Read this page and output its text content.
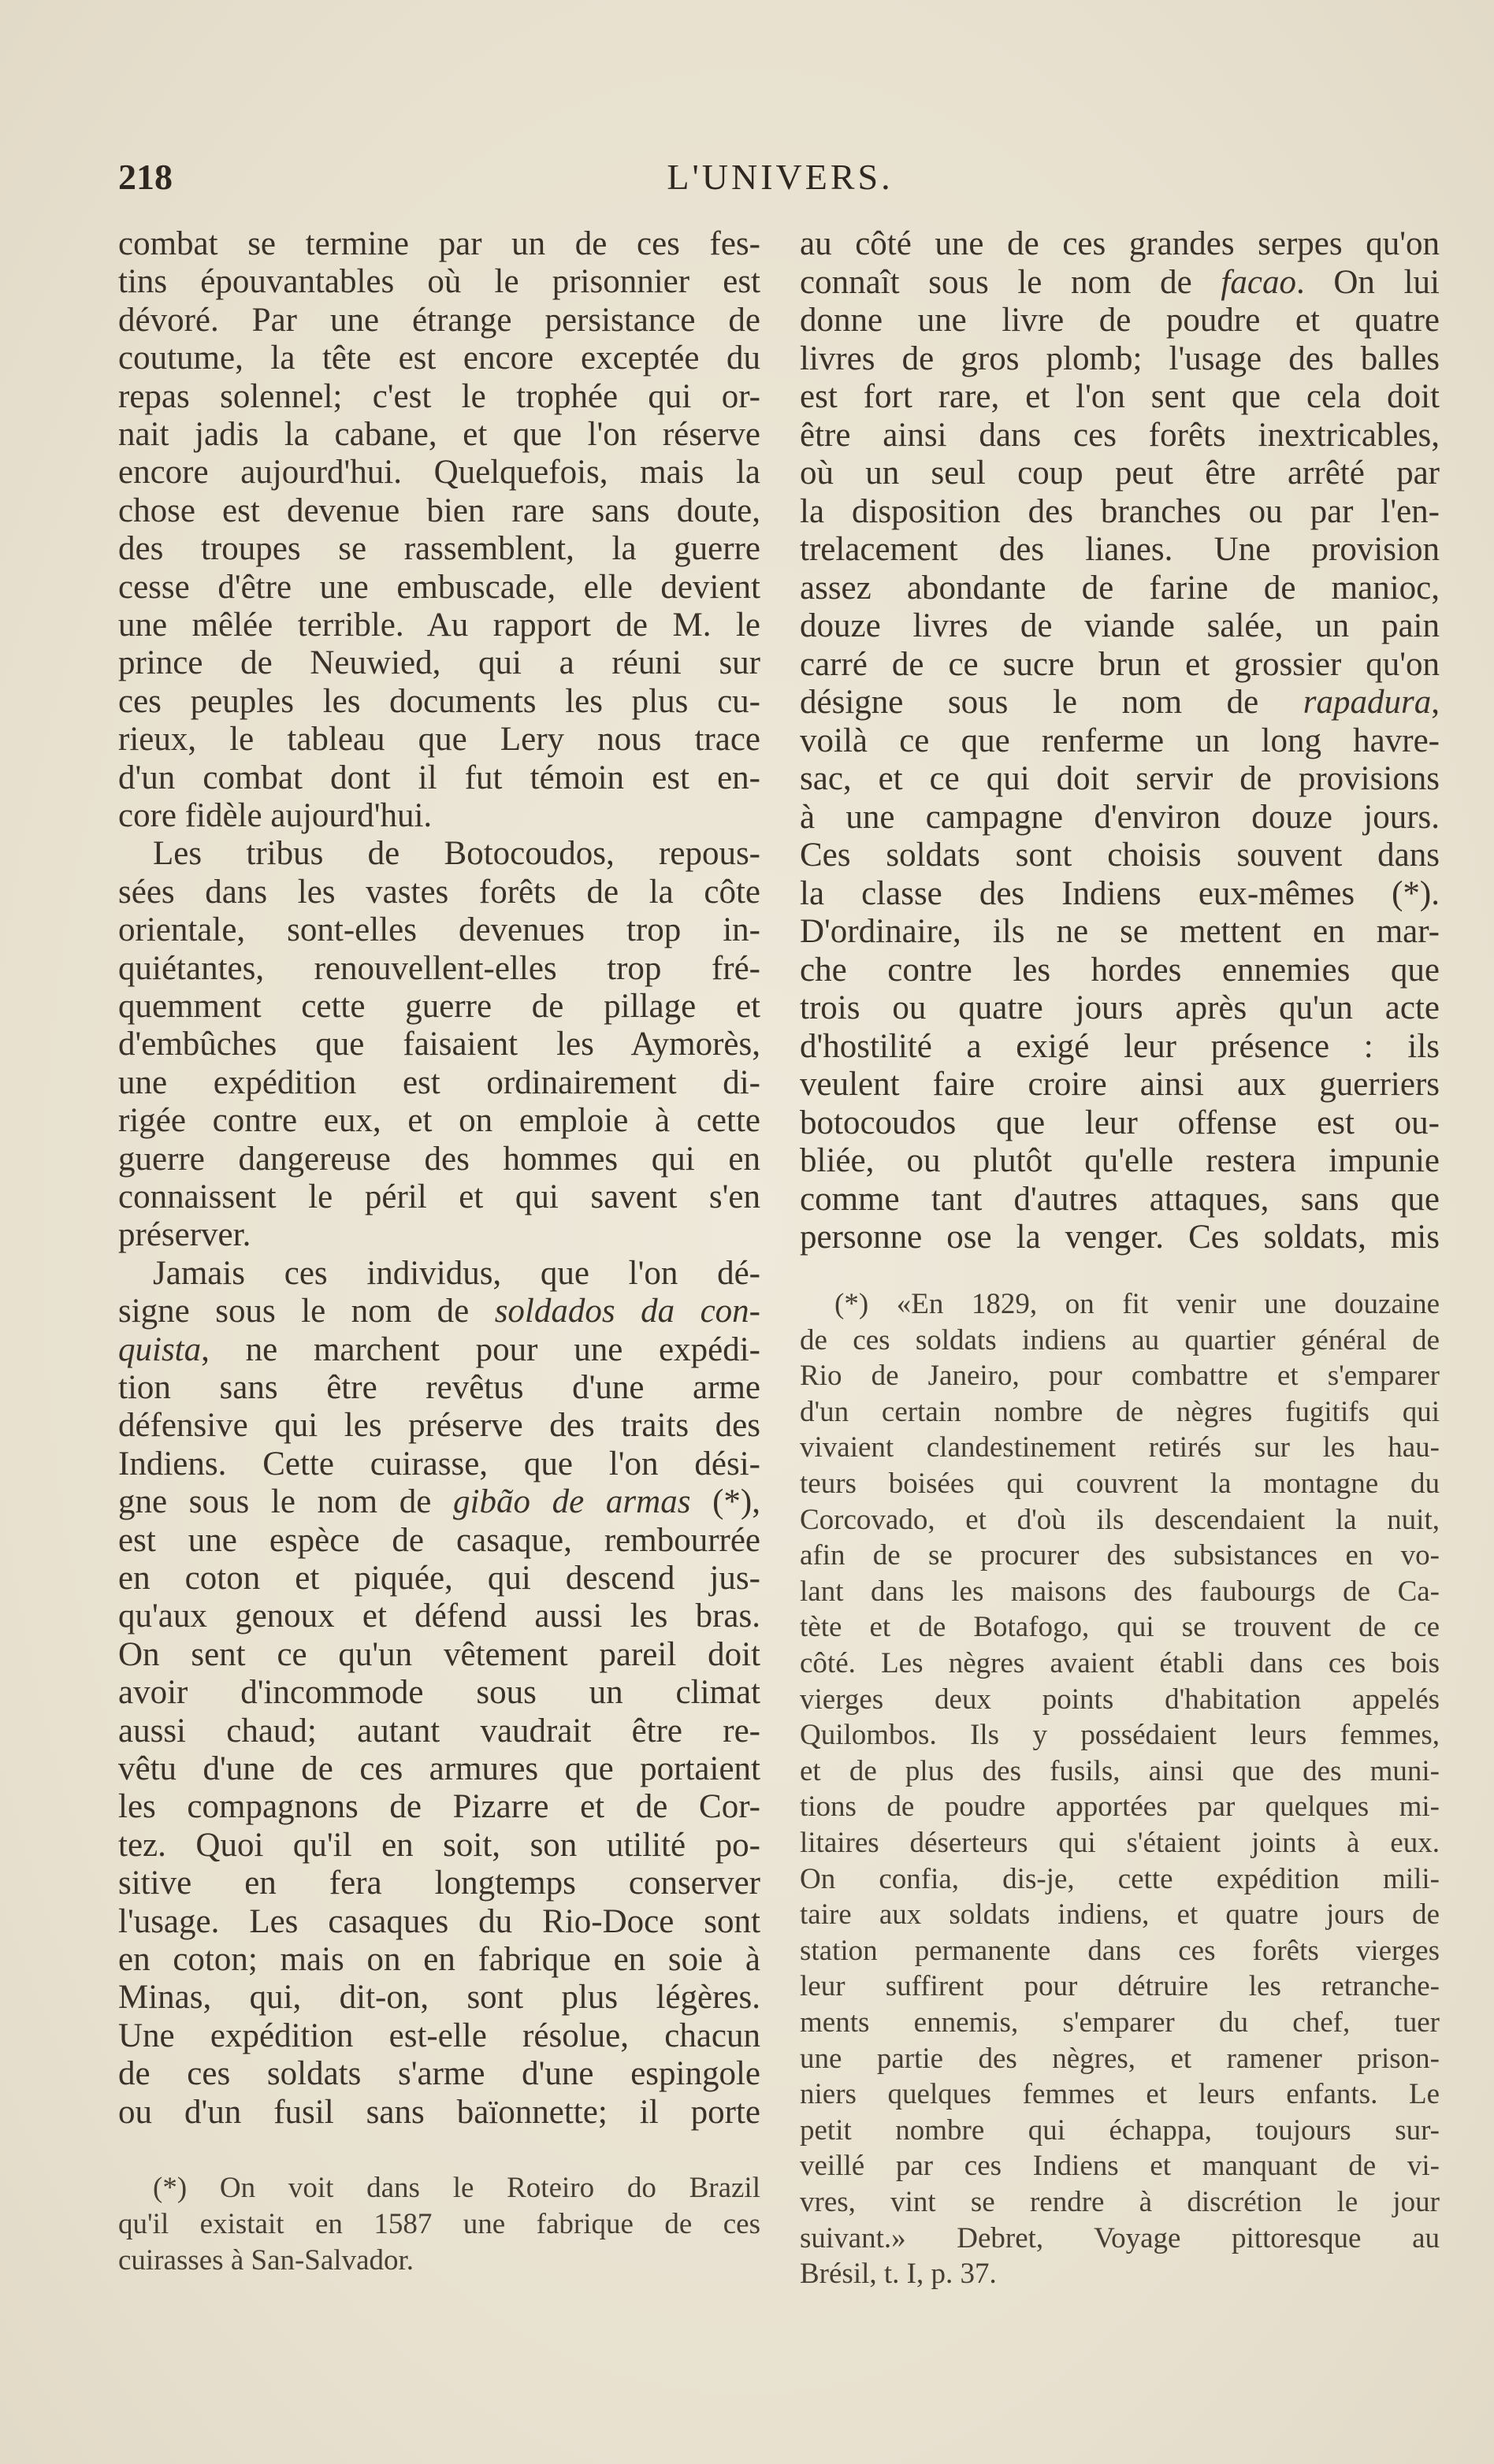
218	L'UNIVERS.
combat se termine par un de ces fes-
tins épouvantables où le prisonnier est
dévoré. Par une étrange persistance de
coutume, la tête est encore exceptée du
repas solennel; c'est le trophée qui or-
nait jadis la cabane, et que l'on réserve
encore aujourd'hui. Quelquefois, mais la
chose est devenue bien rare sans doute,
des troupes se rassemblent, la guerre
cesse d'être une embuscade, elle devient
une mêlée terrible. Au rapport de M. le
prince de Neuwied, qui a réuni sur
ces peuples les documents les plus cu-
rieux, le tableau que Lery nous trace
d'un combat dont il fut témoin est en-
core fidèle aujourd'hui.
Les tribus de Botocoudos, repous-
sées dans les vastes forêts de la côte
orientale, sont-elles devenues trop in-
quiétantes, renouvellent-elles trop fré-
quemment cette guerre de pillage et
d'embûches que faisaient les Aymorès,
une expédition est ordinairement di-
rigée contre eux, et on emploie à cette
guerre dangereuse des hommes qui en
connaissent le péril et qui savent s'en
préserver.
Jamais ces individus, que l'on dé-
signe sous le nom de soldados da con-
quista, ne marchent pour une expédi-
tion sans être revêtus d'une arme
défensive qui les préserve des traits des
Indiens. Cette cuirasse, que l'on dési-
gne sous le nom de gibão de armas (*),
est une espèce de casaque, rembourrée
en coton et piquée, qui descend jus-
qu'aux genoux et défend aussi les bras.
On sent ce qu'un vêtement pareil doit
avoir d'incommode sous un climat
aussi chaud; autant vaudrait être re-
vêtu d'une de ces armures que portaient
les compagnons de Pizarre et de Cor-
tez. Quoi qu'il en soit, son utilité po-
sitive en fera longtemps conserver
l'usage. Les casaques du Rio-Doce sont
en coton; mais on en fabrique en soie à
Minas, qui, dit-on, sont plus légères.
Une expédition est-elle résolue, chacun
de ces soldats s'arme d'une espingole
ou d'un fusil sans baïonnette; il porte
(*) On voit dans le Roteiro do Brazil
qu'il existait en 1587 une fabrique de ces
cuirasses à San-Salvador.
au côté une de ces grandes serpes qu'on
connaît sous le nom de facao. On lui
donne une livre de poudre et quatre
livres de gros plomb; l'usage des balles
est fort rare, et l'on sent que cela doit
être ainsi dans ces forêts inextricables,
où un seul coup peut être arrêté par
la disposition des branches ou par l'en-
trelacement des lianes. Une provision
assez abondante de farine de manioc,
douze livres de viande salée, un pain
carré de ce sucre brun et grossier qu'on
désigne sous le nom de rapadura,
voilà ce que renferme un long havre-
sac, et ce qui doit servir de provisions
à une campagne d'environ douze jours.
Ces soldats sont choisis souvent dans
la classe des Indiens eux-mêmes (*).
D'ordinaire, ils ne se mettent en mar-
che contre les hordes ennemies que
trois ou quatre jours après qu'un acte
d'hostilité a exigé leur présence : ils
veulent faire croire ainsi aux guerriers
botocoudos que leur offense est ou-
bliée, ou plutôt qu'elle restera impunie
comme tant d'autres attaques, sans que
personne ose la venger. Ces soldats, mis
(*) «En 1829, on fit venir une douzaine
de ces soldats indiens au quartier général de
Rio de Janeiro, pour combattre et s'emparer
d'un certain nombre de nègres fugitifs qui
vivaient clandestinement retirés sur les hau-
teurs boisées qui couvrent la montagne du
Corcovado, et d'où ils descendaient la nuit,
afin de se procurer des subsistances en vo-
lant dans les maisons des faubourgs de Ca-
tète et de Botafogo, qui se trouvent de ce
côté. Les nègres avaient établi dans ces bois
vierges deux points d'habitation appelés
Quilombos. Ils y possédaient leurs femmes,
et de plus des fusils, ainsi que des muni-
tions de poudre apportées par quelques mi-
litaires déserteurs qui s'étaient joints à eux.
On confia, dis-je, cette expédition mili-
taire aux soldats indiens, et quatre jours de
station permanente dans ces forêts vierges
leur suffirent pour détruire les retranche-
ments ennemis, s'emparer du chef, tuer
une partie des nègres, et ramener prison-
niers quelques femmes et leurs enfants. Le
petit nombre qui échappa, toujours sur-
veillé par ces Indiens et manquant de vi-
vres, vint se rendre à discrétion le jour
suivant.» Debret, Voyage pittoresque au
Brésil, t. I, p. 37.
